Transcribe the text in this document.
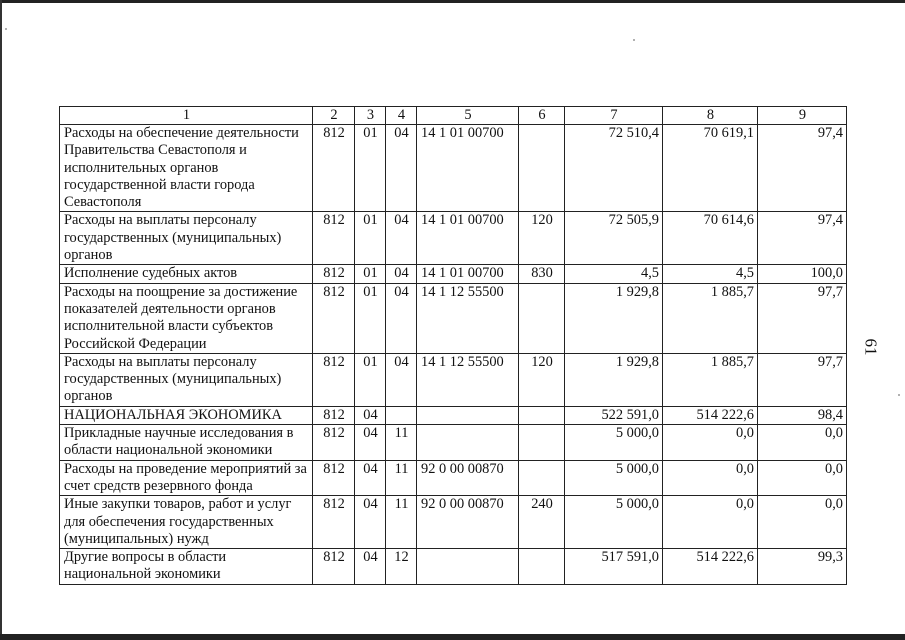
1	2	3	4	5	6	7	8	9
Расходы на обеспечение деятельности Правительства Севастополя и исполнительных органов государственной власти города Севастополя	812	01	04	14 1 01 00700		72 510,4	70 619,1	97,4
Расходы на выплаты персоналу государственных (муниципальных) органов	812	01	04	14 1 01 00700	120	72 505,9	70 614,6	97,4
Исполнение судебных актов	812	01	04	14 1 01 00700	830	4,5	4,5	100,0
Расходы на поощрение за достижение показателей деятельности органов исполнительной власти субъектов Российской Федерации	812	01	04	14 1 12 55500		1 929,8	1 885,7	97,7
Расходы на выплаты персоналу государственных (муниципальных) органов	812	01	04	14 1 12 55500	120	1 929,8	1 885,7	97,7
НАЦИОНАЛЬНАЯ ЭКОНОМИКА	812	04				522 591,0	514 222,6	98,4
Прикладные научные исследования в области национальной экономики	812	04	11			5 000,0	0,0	0,0
Расходы на проведение мероприятий за счет средств резервного фонда	812	04	11	92 0 00 00870		5 000,0	0,0	0,0
Иные закупки товаров, работ и услуг для обеспечения государственных (муниципальных) нужд	812	04	11	92 0 00 00870	240	5 000,0	0,0	0,0
Другие вопросы в области национальной экономики	812	04	12			517 591,0	514 222,6	99,3
61
